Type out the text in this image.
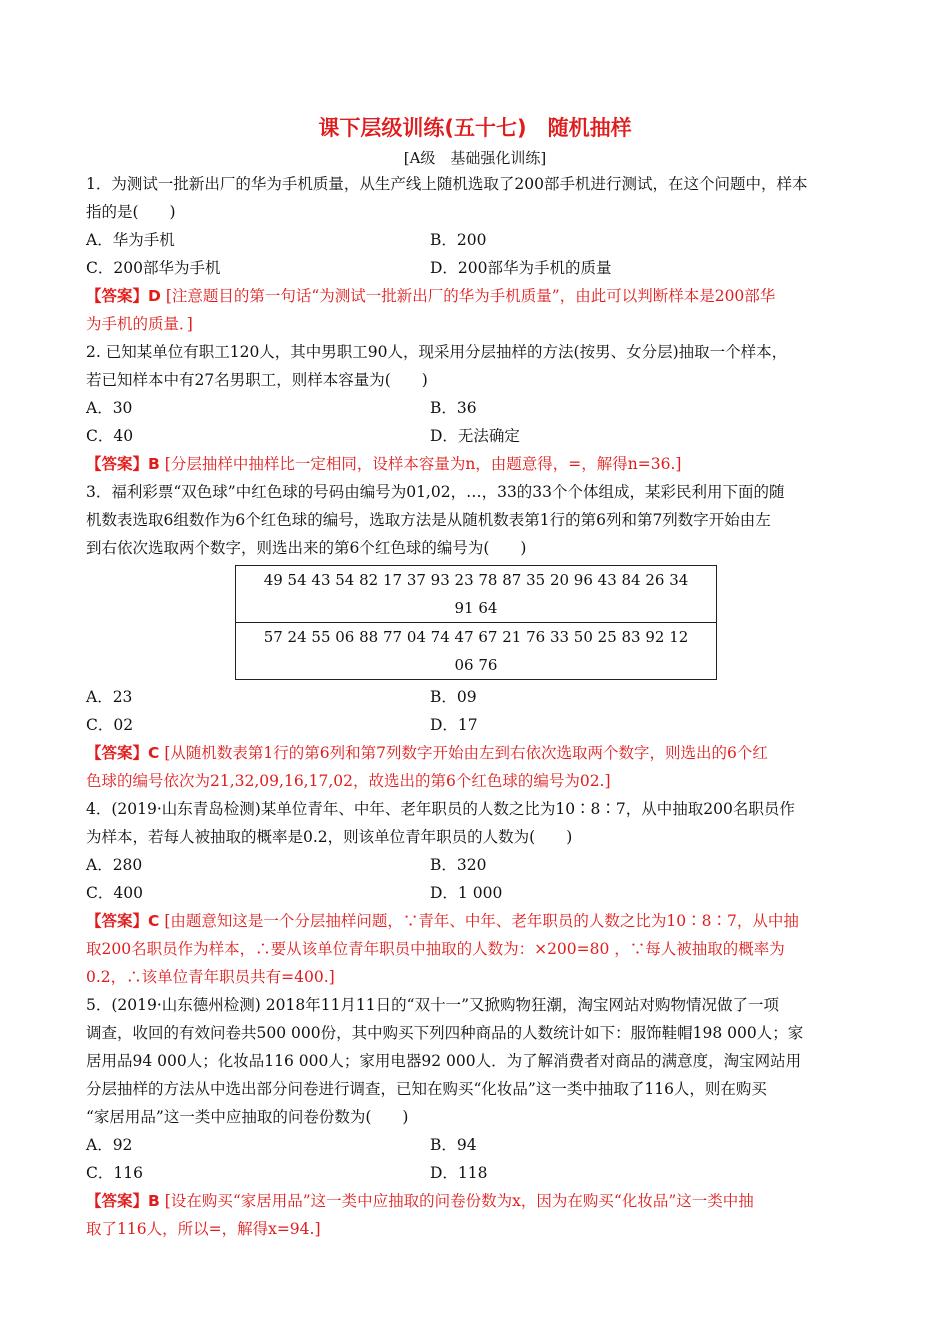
课下层级训练(五十七)　随机抽样
[A级　基础强化训练]
1．为测试一批新出厂的华为手机质量，从生产线上随机选取了200部手机进行测试，在这个问题中，样本
指的是(　　)
A．华为手机	B．200
C．200部华为手机	D．200部华为手机的质量
【答案】D [注意题目的第一句话“为测试一批新出厂的华为手机质量”，由此可以判断样本是200部华
为手机的质量．]
2. 已知某单位有职工120人，其中男职工90人，现采用分层抽样的方法(按男、女分层)抽取一个样本，
若已知样本中有27名男职工，则样本容量为(　　)
A．30	B．36
C．40	D．无法确定
【答案】B [分层抽样中抽样比一定相同，设样本容量为n，由题意得，=，解得n=36.]
3．福利彩票“双色球”中红色球的号码由编号为01,02，…，33的33个个体组成，某彩民利用下面的随
机数表选取6组数作为6个红色球的编号，选取方法是从随机数表第1行的第6列和第7列数字开始由左
到右依次选取两个数字，则选出来的第6个红色球的编号为(　　)
49 54 43 54 82 17 37 93 23 78 87 35 20 96 43 84 26 34
91 64

57 24 55 06 88 77 04 74 47 67 21 76 33 50 25 83 92 12
06 76
A．23	B．09
C．02	D．17
【答案】C [从随机数表第1行的第6列和第7列数字开始由左到右依次选取两个数字，则选出的6个红
色球的编号依次为21,32,09,16,17,02，故选出的第6个红色球的编号为02.]
4．(2019·山东青岛检测)某单位青年、中年、老年职员的人数之比为10∶8∶7，从中抽取200名职员作
为样本，若每人被抽取的概率是0.2，则该单位青年职员的人数为(　　)
A．280	B．320
C．400	D．1 000
【答案】C [由题意知这是一个分层抽样问题，∵青年、中年、老年职员的人数之比为10∶8∶7，从中抽
取200名职员作为样本，∴要从该单位青年职员中抽取的人数为：×200=80 ，∵每人被抽取的概率为
0.2，∴该单位青年职员共有=400.]
5．(2019·山东德州检测) 2018年11月11日的“双十一”又掀购物狂潮，淘宝网站对购物情况做了一项
调查，收回的有效问卷共500 000份，其中购买下列四种商品的人数统计如下：服饰鞋帽198 000人；家
居用品94 000人；化妆品116 000人；家用电器92 000人．为了解消费者对商品的满意度，淘宝网站用
分层抽样的方法从中选出部分问卷进行调查，已知在购买“化妆品”这一类中抽取了116人，则在购买
“家居用品”这一类中应抽取的问卷份数为(　　)
A．92	B．94
C．116	D．118
【答案】B [设在购买“家居用品”这一类中应抽取的问卷份数为x，因为在购买“化妆品”这一类中抽
取了116人，所以=，解得x=94.]
